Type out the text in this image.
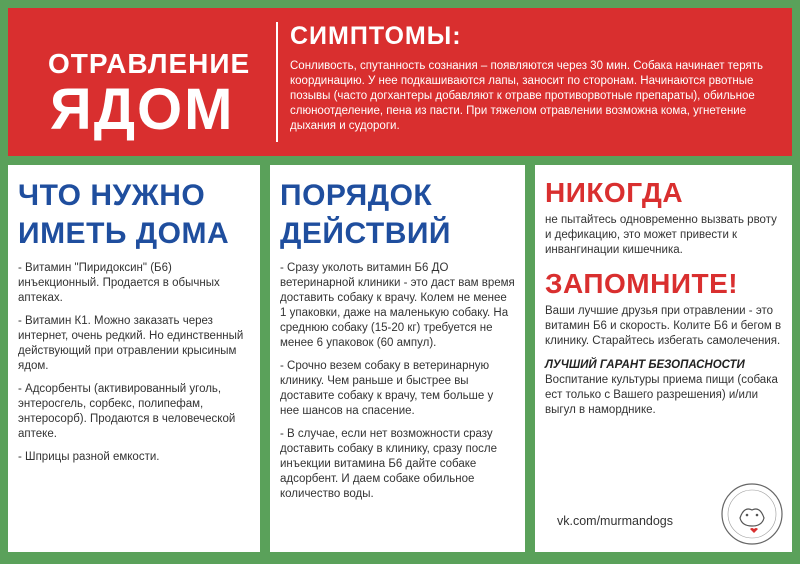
ОТРАВЛЕНИЕ
ЯДОМ
СИМПТОМЫ:

Сонливость, спутанность сознания – появляются через 30 мин. Собака начинает терять координацию. У нее подкашиваются лапы, заносит по сторонам. Начинаются рвотные позывы (часто догхантеры добавляют к отраве противорвотные препараты), обильное слюноотделение, пена из пасти. При тяжелом отравлении возможна кома, угнетение дыхания и судороги.

ЧТО НУЖНО
ИМЕТЬ ДОМА

- Витамин "Пиридоксин" (Б6) инъекционный. Продается в обычных аптеках.

- Витамин К1. Можно заказать через интернет, очень редкий. Но единственный действующий при отравлении крысиным ядом.

- Адсорбенты (активированный уголь, энтеросгель, сорбекс, полипефам, энтеросорб). Продаются в человеческой аптеке.

- Шприцы разной емкости.

ПОРЯДОК
ДЕЙСТВИЙ

- Сразу уколоть витамин Б6 ДО ветеринарной клиники - это даст вам время доставить собаку к врачу. Колем не менее 1 упаковки, даже на маленькую собаку. На среднюю собаку (15-20 кг) требуется не менее 6 упаковок (60 ампул).

- Срочно везем собаку в ветеринарную клинику. Чем раньше и быстрее вы доставите собаку к врачу, тем больше у нее шансов на спасение.

- В случае, если нет возможности сразу доставить собаку в клинику, сразу после инъекции витамина Б6 дайте собаке адсорбент. И даем собаке обильное количество воды.

НИКОГДА

не пытайтесь одновременно вызвать рвоту и дефикацию, это может привести к инвангинации кишечника.

ЗАПОМНИТЕ!

Ваши лучшие друзья при отравлении - это витамин Б6 и скорость. Колите Б6 и бегом в клинику. Старайтесь избегать самолечения.

ЛУЧШИЙ ГАРАНТ БЕЗОПАСНОСТИ

Воспитание культуры приема пищи (собака ест только с Вашего разрешения) и/или выгул в наморднике.

vk.com/murmandogs
